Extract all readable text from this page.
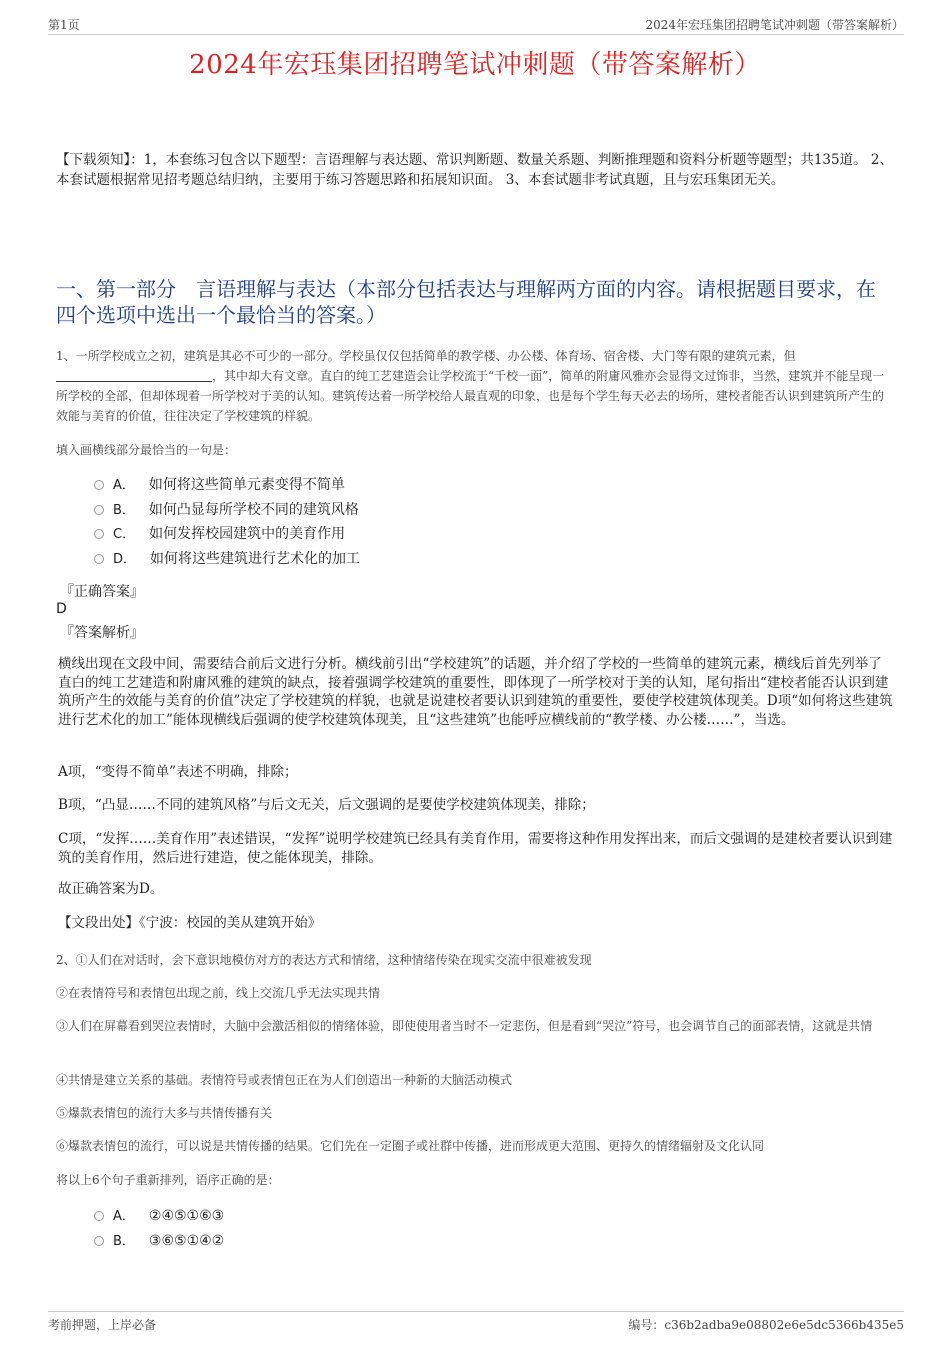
第1页	2024年宏珏集团招聘笔试冲刺题（带答案解析）
2024年宏珏集团招聘笔试冲刺题（带答案解析）
【下载须知】：1，本套练习包含以下题型：言语理解与表达题、常识判断题、数量关系题、判断推理题和资料分析题等题型；共135道。 2、本套试题根据常见招考题总结归纳，主要用于练习答题思路和拓展知识面。 3、本套试题非考试真题，且与宏珏集团无关。
一、第一部分　言语理解与表达（本部分包括表达与理解两方面的内容。请根据题目要求，在四个选项中选出一个最恰当的答案。）
1、一所学校成立之初，建筑是其必不可少的一部分。学校虽仅仅包括简单的教学楼、办公楼、体育场、宿舍楼、大门等有限的建筑元素，但，其中却大有文章。直白的纯工艺建造会让学校流于“千校一面”，简单的附庸风雅亦会显得文过饰非，当然，建筑并不能呈现一所学校的全部，但却体现着一所学校对于美的认知。建筑传达着一所学校给人最直观的印象，也是每个学生每天必去的场所，建校者能否认识到建筑所产生的效能与美育的价值，往往决定了学校建筑的样貌。
填入画横线部分最恰当的一句是：
A． 如何将这些简单元素变得不简单
B． 如何凸显每所学校不同的建筑风格
C． 如何发挥校园建筑中的美育作用
D． 如何将这些建筑进行艺术化的加工
『正确答案』
D
『答案解析』
横线出现在文段中间，需要结合前后文进行分析。横线前引出“学校建筑”的话题，并介绍了学校的一些简单的建筑元素，横线后首先列举了直白的纯工艺建造和附庸风雅的建筑的缺点，接着强调学校建筑的重要性，即体现了一所学校对于美的认知，尾句指出“建校者能否认识到建筑所产生的效能与美育的价值”决定了学校建筑的样貌，也就是说建校者要认识到建筑的重要性，要使学校建筑体现美。D项“如何将这些建筑进行艺术化的加工”能体现横线后强调的使学校建筑体现美，且“这些建筑”也能呼应横线前的“教学楼、办公楼……”，当选。
A项，“变得不简单”表述不明确，排除；
B项，“凸显……不同的建筑风格”与后文无关，后文强调的是要使学校建筑体现美，排除；
C项，“发挥……美育作用”表述错误，“发挥”说明学校建筑已经具有美育作用，需要将这种作用发挥出来，而后文强调的是建校者要认识到建筑的美育作用，然后进行建造，使之能体现美，排除。
故正确答案为D。
【文段出处】《宁波：校园的美从建筑开始》
2、①人们在对话时，会下意识地模仿对方的表达方式和情绪，这种情绪传染在现实交流中很难被发现
②在表情符号和表情包出现之前，线上交流几乎无法实现共情
③人们在屏幕看到哭泣表情时，大脑中会激活相似的情绪体验，即使使用者当时不一定悲伤，但是看到“哭泣”符号，也会调节自己的面部表情，这就是共情
④共情是建立关系的基础。表情符号或表情包正在为人们创造出一种新的大脑活动模式
⑤爆款表情包的流行大多与共情传播有关
⑥爆款表情包的流行，可以说是共情传播的结果。它们先在一定圈子或社群中传播，进而形成更大范围、更持久的情绪辐射及文化认同
将以上6个句子重新排列，语序正确的是：
A． ②④⑤①⑥③
B． ③⑥⑤①④②
考前押题，上岸必备	编号：c36b2adba9e08802e6e5dc5366b435e5
